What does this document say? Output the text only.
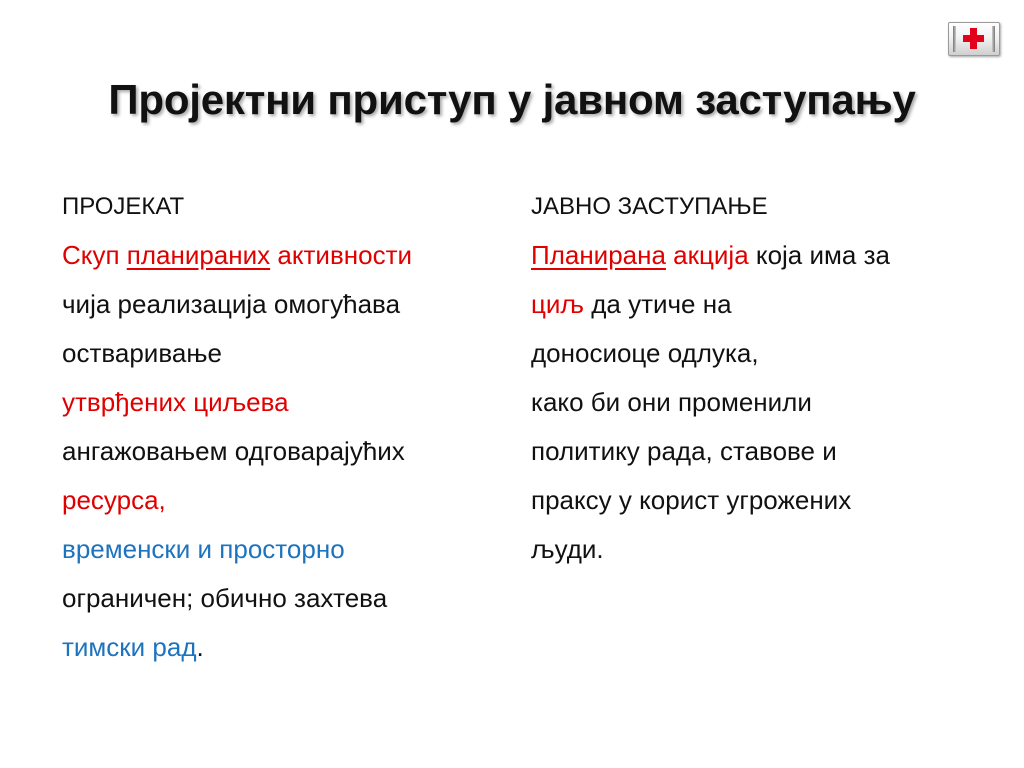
Пројектни приступ у јавном заступању
ПРОЈЕКАТ
Скуп планираних активности
чија реализација омогућава
остваривање
утврђених циљева
ангажовањем одговарајућих
ресурса,
временски и просторно
ограничен; обично захтева
тимски рад.
ЈАВНО ЗАСТУПАЊЕ
Планирана акција која има за
циљ да утиче на
доносиоце одлука,
како би они променили
политику рада, ставове и
праксу у корист угрожених
људи.
